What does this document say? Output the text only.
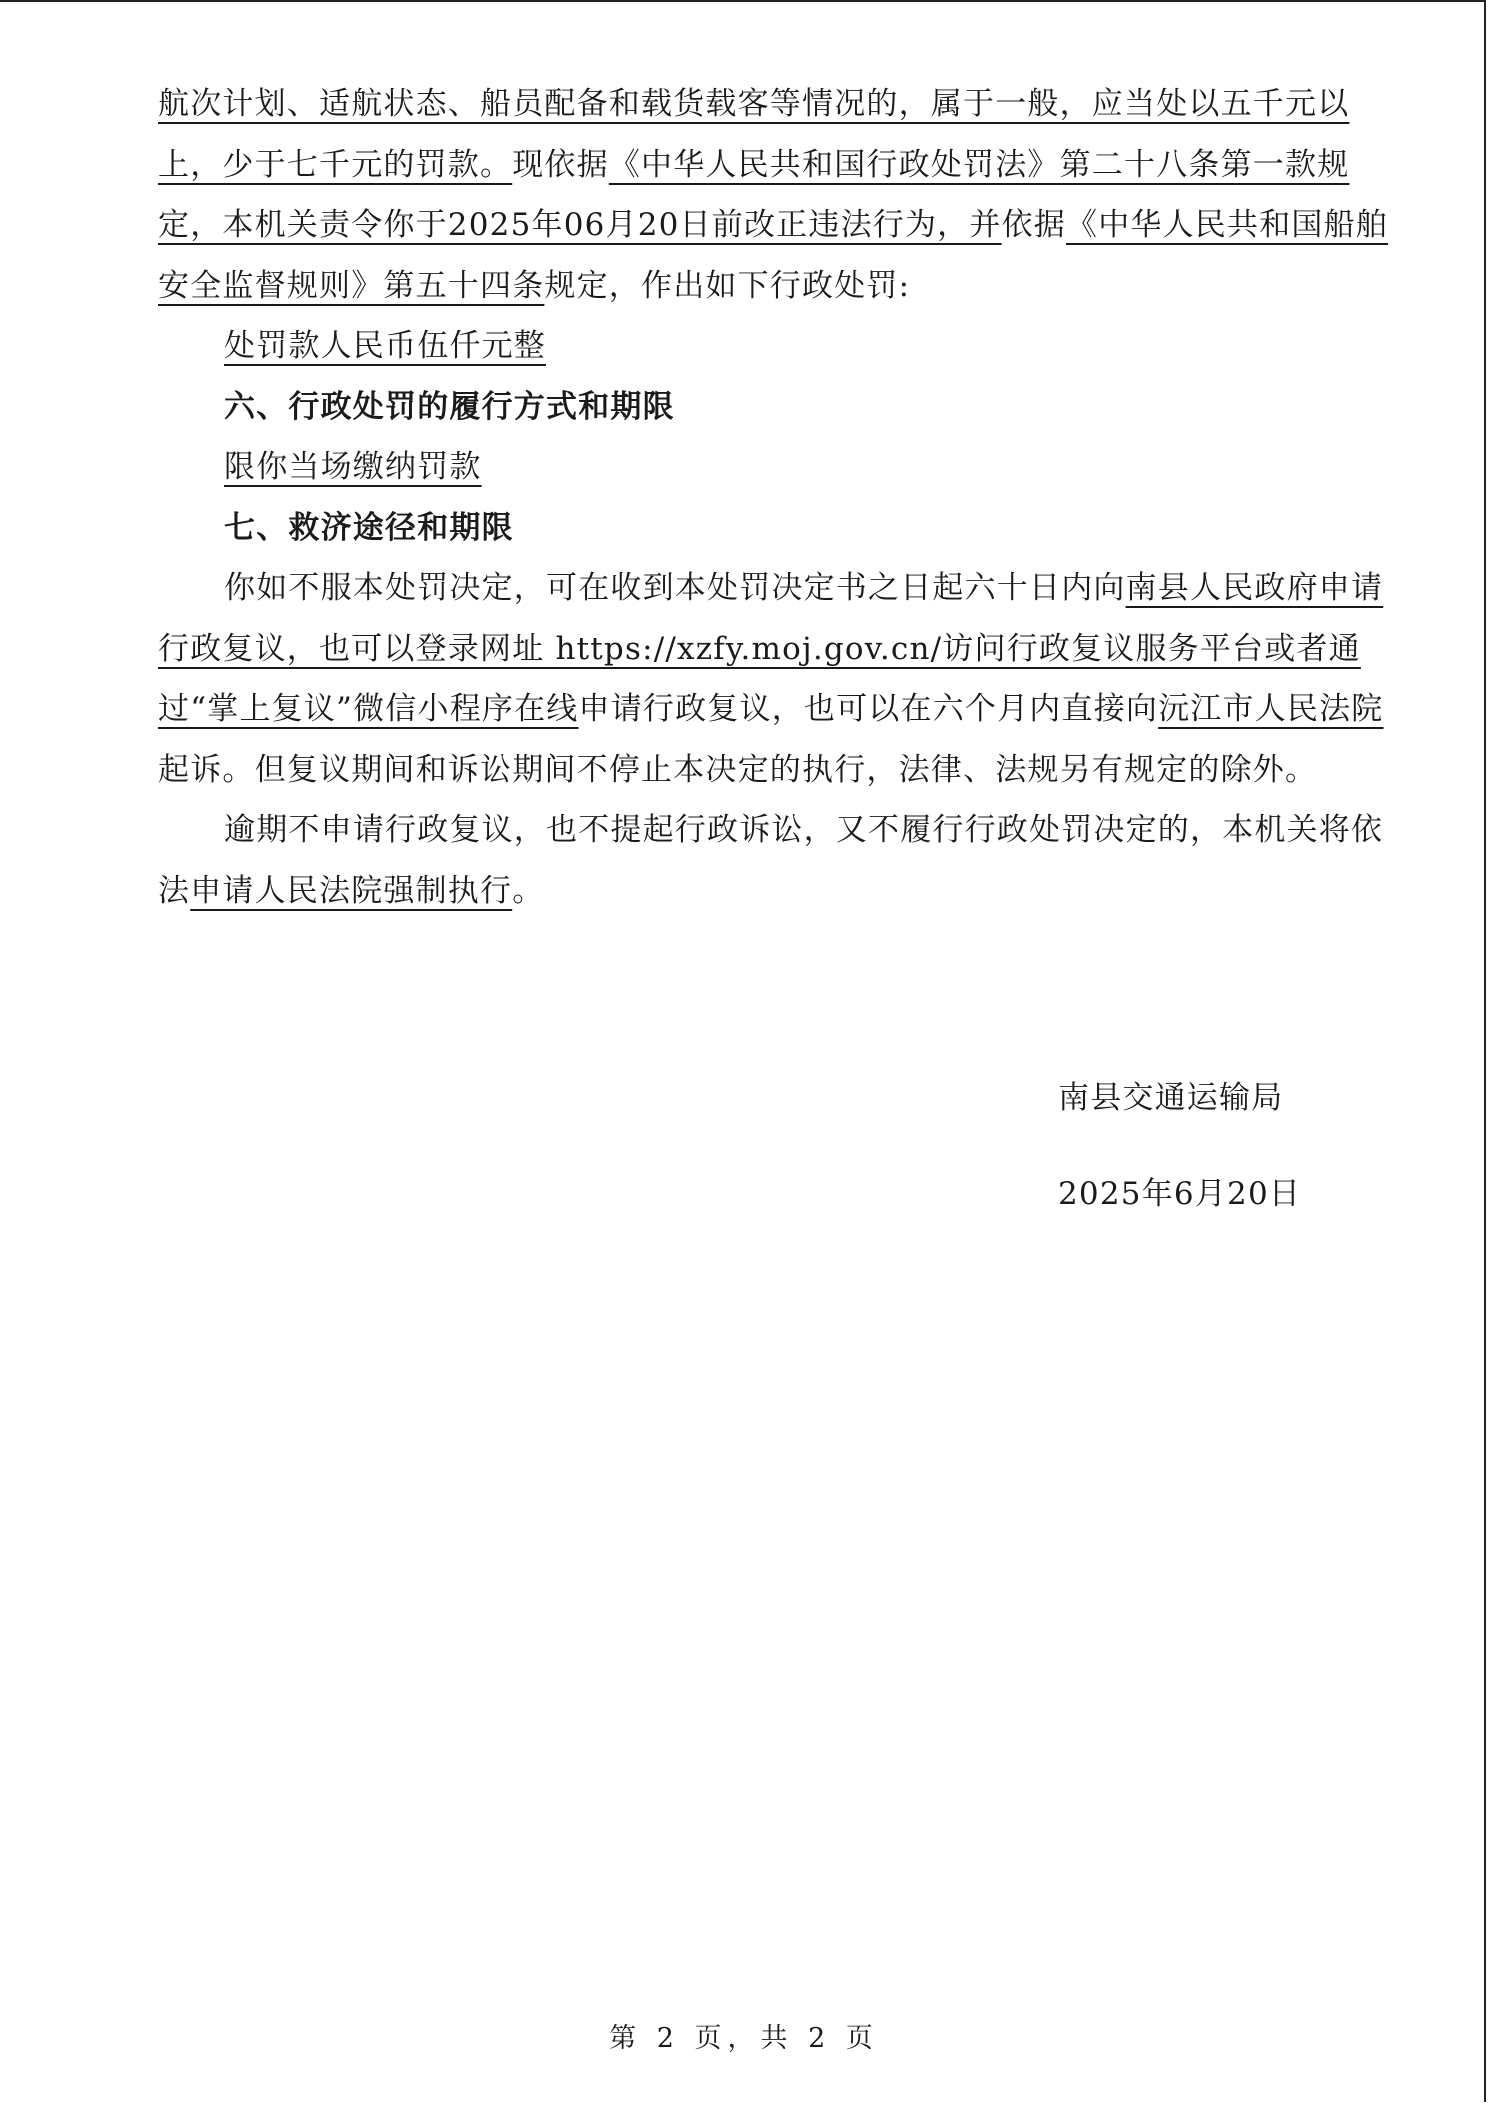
航次计划、适航状态、船员配备和载货载客等情况的，属于一般，应当处以五千元以上，少于七千元的罚款。现依据《中华人民共和国行政处罚法》第二十八条第一款规定，本机关责令你于2025年06月20日前改正违法行为，并依据《中华人民共和国船舶安全监督规则》第五十四条规定，作出如下行政处罚:

处罚款人民币伍仟元整

六、行政处罚的履行方式和期限

限你当场缴纳罚款

七、救济途径和期限

你如不服本处罚决定，可在收到本处罚决定书之日起六十日内向南县人民政府申请行政复议，也可以登录网址 https://xzfy.moj.gov.cn/访问行政复议服务平台或者通过“掌上复议”微信小程序在线申请行政复议，也可以在六个月内直接向沅江市人民法院起诉。但复议期间和诉讼期间不停止本决定的执行，法律、法规另有规定的除外。

逾期不申请行政复议，也不提起行政诉讼，又不履行行政处罚决定的，本机关将依法申请人民法院强制执行。

南县交通运输局
2025年6月20日
第 2 页，共 2 页
